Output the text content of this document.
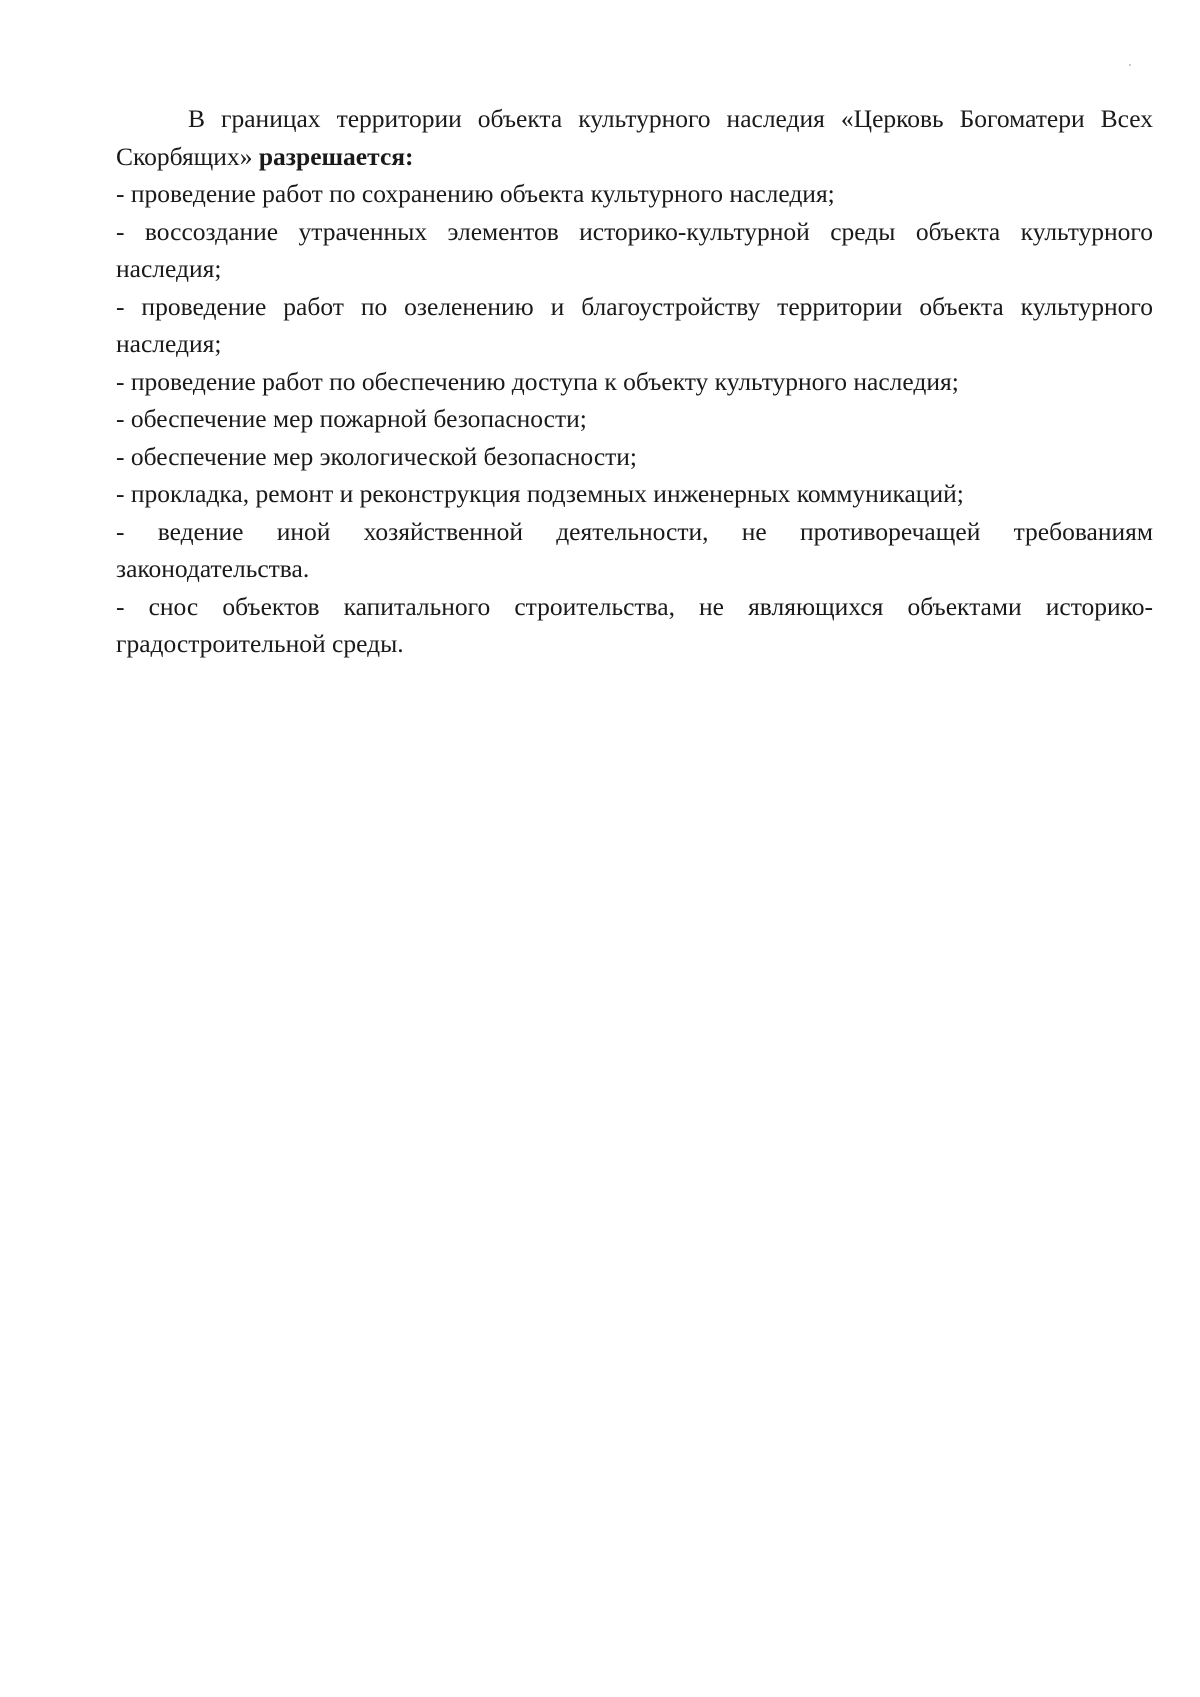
В границах территории объекта культурного наследия «Церковь Богоматери Всех Скорбящих» разрешается:

- проведение работ по сохранению объекта культурного наследия;

- воссоздание утраченных элементов историко-культурной среды объекта культурного наследия;

- проведение работ по озеленению и благоустройству территории объекта культурного наследия;

- проведение работ по обеспечению доступа к объекту культурного наследия;

- обеспечение мер пожарной безопасности;

- обеспечение мер экологической безопасности;

- прокладка, ремонт и реконструкция подземных инженерных коммуникаций;

- ведение иной хозяйственной деятельности, не противоречащей требованиям законодательства.

- снос объектов капитального строительства, не являющихся объектами историко-градостроительной среды.
